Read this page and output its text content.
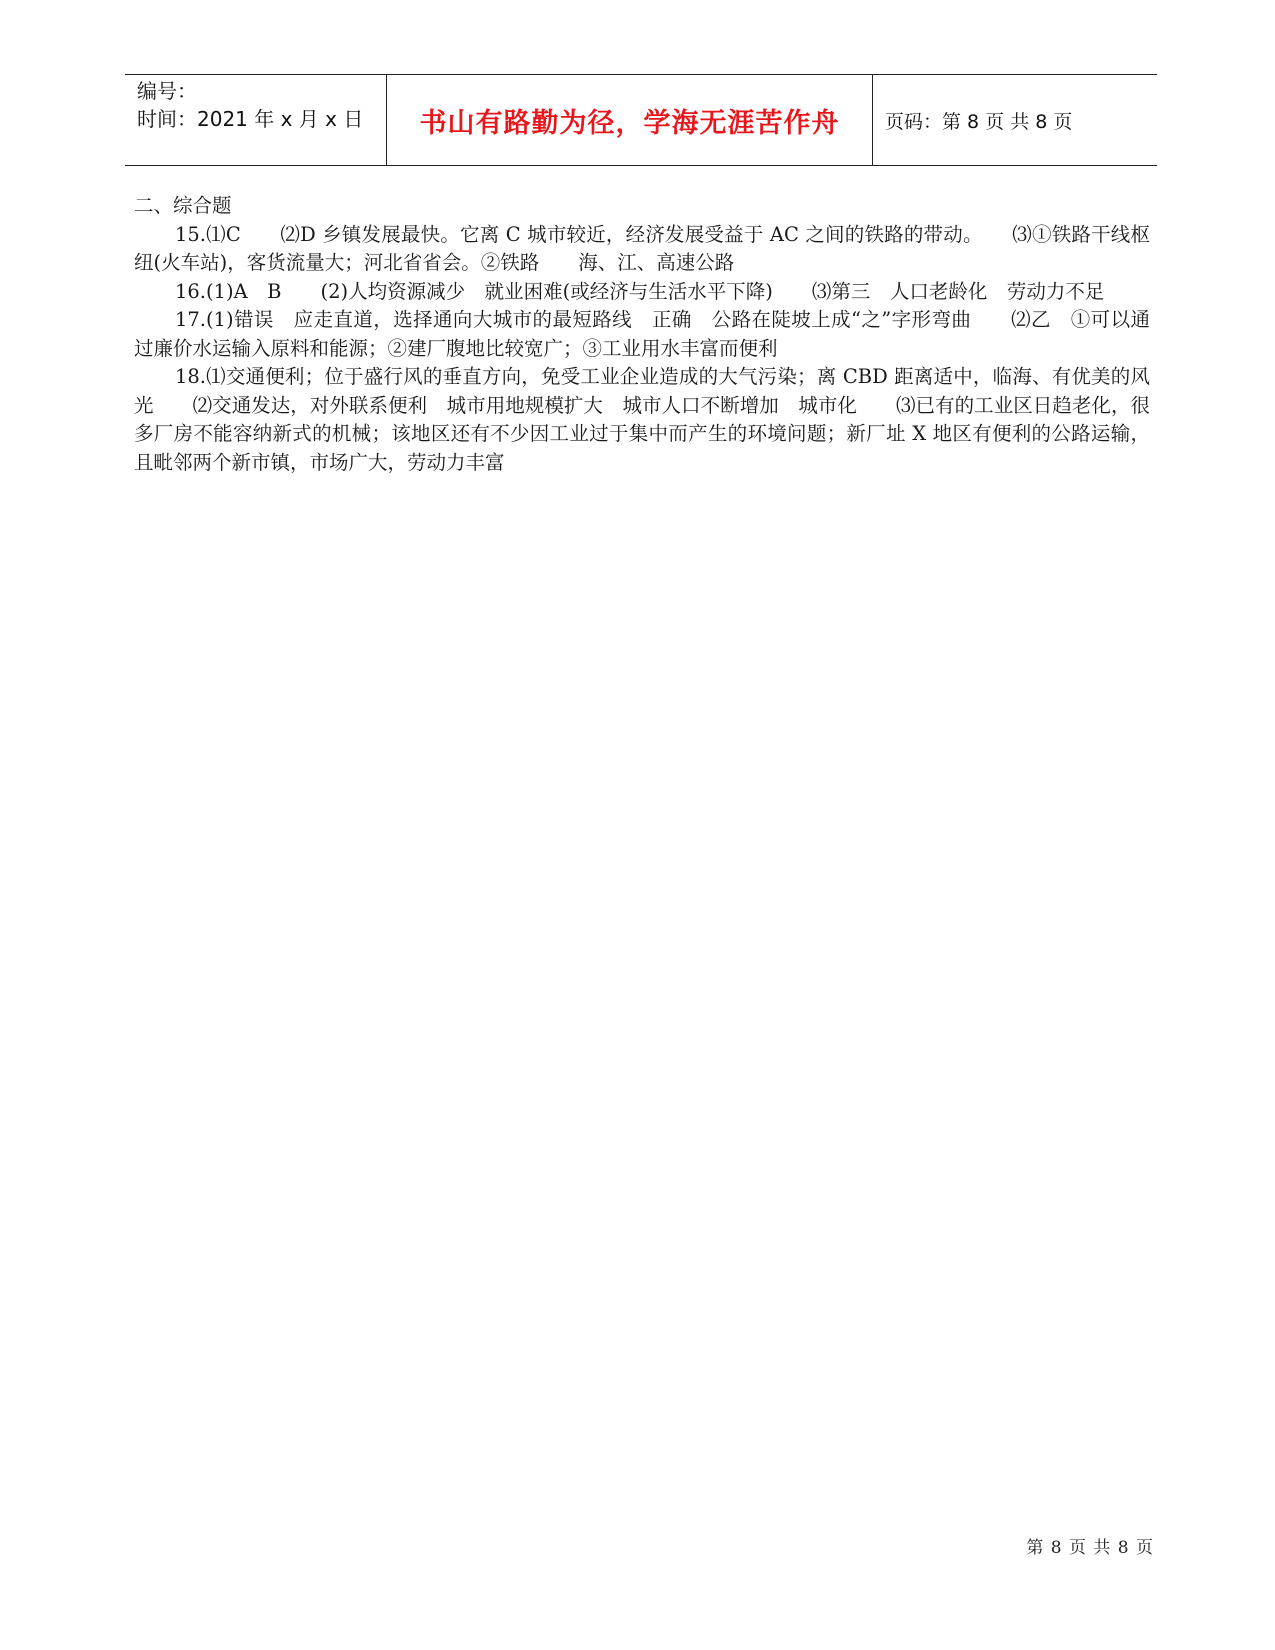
编号：
时间：2021 年 x 月 x 日	书山有路勤为径，学海无涯苦作舟 页码：第 8 页 共 8 页

二、综合题

15.⑴C　　⑵D 乡镇发展最快。它离 C 城市较近，经济发展受益于 AC 之间的铁路的带动。　　⑶①铁路干线枢纽(火车站)，客货流量大；河北省省会。②铁路　　海、江、高速公路

16.(1)A　B　　(2)人均资源减少　就业困难(或经济与生活水平下降)　　⑶第三　人口老龄化　劳动力不足

17.(1)错误　应走直道，选择通向大城市的最短路线　正确　公路在陡坡上成“之”字形弯曲　　⑵乙　①可以通过廉价水运输入原料和能源；②建厂腹地比较宽广；③工业用水丰富而便利

18.⑴交通便利；位于盛行风的垂直方向，免受工业企业造成的大气污染；离 CBD 距离适中，临海、有优美的风光　　⑵交通发达，对外联系便利　城市用地规模扩大　城市人口不断增加　城市化　　⑶已有的工业区日趋老化，很多厂房不能容纳新式的机械；该地区还有不少因工业过于集中而产生的环境问题；新厂址 X 地区有便利的公路运输，且毗邻两个新市镇，市场广大，劳动力丰富

第 8 页 共 8 页
